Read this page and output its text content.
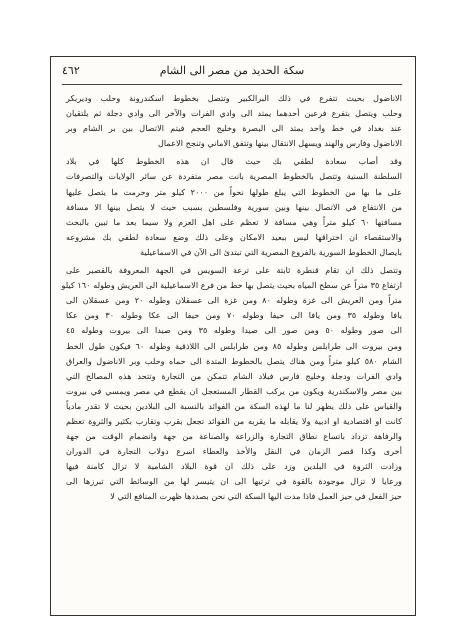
٤٦٢	سكة الحديد من مصر الى الشام
الاناضول بحيث تتفرع في ذلك البرالكبير وتتصل بخطوط اسكندرونة وحلب وديربكر
وحلب ويتصل بتفرع فرعين أحدهما يمتد الى وادي الفرات والآخر الى وادي دجلة ثم يلتقيان
عند بغداد في خط واحد يمتد الى البصرة وخليج العجم فيتم الاتصال بين بر الشام وبر
الاناضول وفارس والهند ويسهل الانتقال بينها وتتفق الاماني وتنجح الاعمال
وقد أصاب سعادة لطفي بك حيث قال ان هذه الخطوط كلها في بلاد
السلطنة السنية وتتصل بالخطوط المصرية بانت مصر متفردة عن سائر الولايات والتصرفات
على ما بها من الخطوط التي يبلغ طولها نحواً من ٢٠٠٠ كيلو متر وحرمت ما يتصل عليها
من الانتفاع في الاتصال بينها وبين سورية وفلسطين بسبب حيث لا يتصل بينها الا مسافة
مسافتها ٦٠ كيلو متراً وهي مسافة لا تعظم على اهل العزم ولا سيما بعد ما تبين بالبحث
والاستقصاء ان اختراقها ليس ببعيد الامكان وعلى ذلك وضع سعادة لطفي بك مشروعه
بايصال الخطوط السورية بالفروع المصرية التي تبتدئ الى الآن في الاسماعيلية
وتتصل ذلك ان تقام قنطرة ثابتة على ترعة السويس في الجهة المعروفة بالقصير على
ارتفاع ٣٥ متراً عن سطح المياه بحيث يتصل بها خط من فرع الاسماعيلية الى العريش وطوله ١٦٠ كيلو
متراً ومن العريش الى غزة وطوله ٨٠ ومن غزة الى عسقلان وطوله ٢٠ ومن عسقلان الى
يافا وطوله ٣٥ ومن يافا الى حيفا وطوله ٧٠ ومن حيفا الى عكا وطوله ٣٠ ومن عكا
الى صور وطوله ٥٠ ومن صور الى صيدا وطوله ٣٥ ومن صيدا الى بيروت وطوله ٤٥
ومن بيروت الى طرابلس وطوله ٨٥ ومن طرابلس الى اللاذقية وطوله ٦٠ فيكون طول الخط
الشام ٥٨٠ كيلو متراً ومن هناك يتصل بالخطوط المتدة الى حماه وحلب وبر الاناضول والعراق
وادي الفرات ودجلة وخليج فارس فبلاد الشام تتمكن من التجارة وتتحد هذه المصالح التي
بين مصر والاسكندرية ويكون من يركب القطار المستعجل ان يقطع في مصر ويمسي في بيروت
والقياس على ذلك يظهر لنا ما لهذه السكة من الفوائد بالنسبة الى البلادين بحيث لا تقدر مادياً
كانت او اقتصادية او ادبية ولا يقابله ما يقربه من الفوائد تجعل بقرب وتقارب بكثير والثروة تعظم
والرفاهة تزداد باتساع نطاق التجارة والزراعة والصناعة من جهة وانضمام الوقت من جهة
أخرى وكذا قصر الزمان في النقل والأخذ والعطاء اسرع دولاب التجارة في الدوران
وزادت الثروة في البلدين وزد على ذلك ان قوة البلاد الشامية لا تزال كامنة فيها
ورعايا لا تزال موجودة بالقوة في ترتبها الى ان يتيسر لها من الوسائط التي تبرزها الى
حيز الفعل في حيز العمل فاذا مدت اليها السكة التي نحن بصددها ظهرت المنافع التي لا
